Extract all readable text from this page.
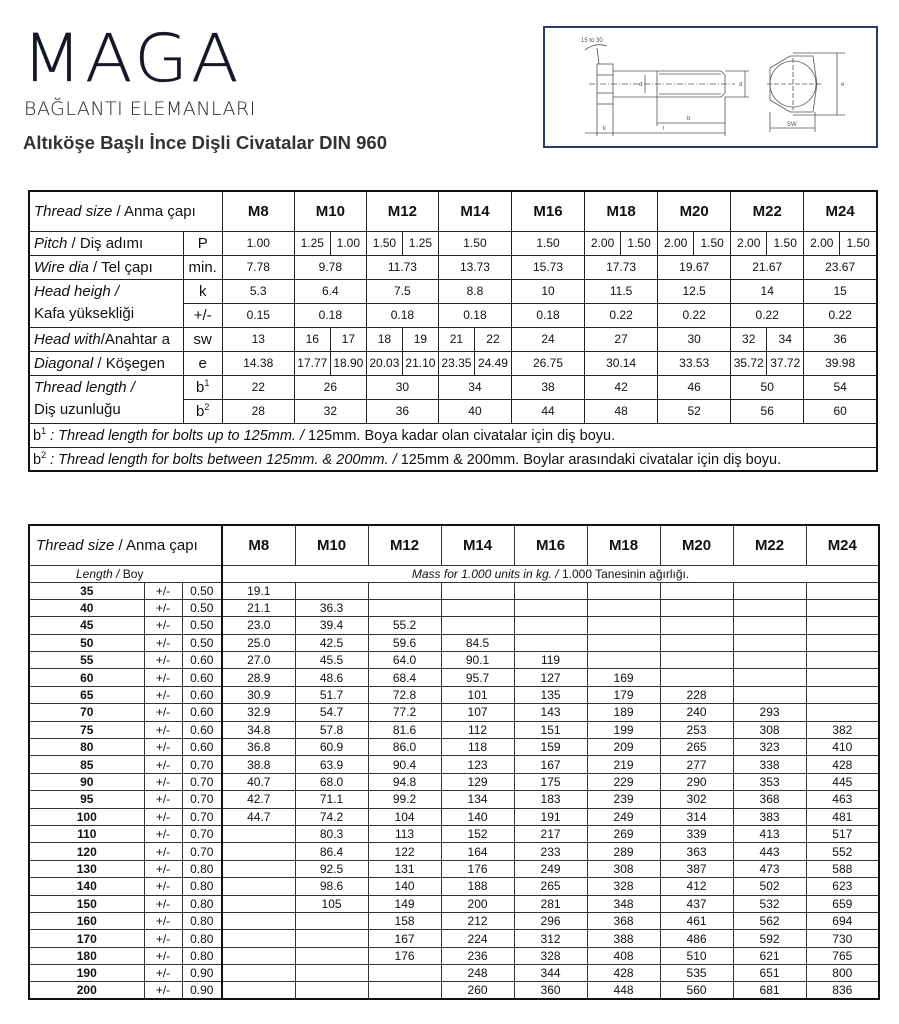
MAGA
BAĞLANTI ELEMANLARI
Altıköşe Başlı İnce Dişli Civatalar DIN 960
15 to 30
d	d
k	l
b
e
SW
Thread size / Anma çapı		M8	M10		M12		M14		M16	M18		M20		M22		M24	
Pitch / Diş adımı	P	1.00	1.25	1.00	1.50	1.25	1.50		1.50	2.00	1.50	2.00	1.50	2.00	1.50	2.00	1.50
Wire dia / Tel çapı	min.	7.78	9.78		11.73		13.73		15.73	17.73		19.67		21.67		23.67	
Head heigh /
Kafa yüksekliği	k	5.3	6.4		7.5		8.8		10	11.5		12.5		14		15	
	+/-	0.15	0.18		0.18		0.18		0.18	0.22		0.22		0.22		0.22	
Head with/Anahtar a	sw	13	16	17	18	19	21	22	24	27		30		32	34	36	
Diagonal / Köşegen	e	14.38	17.77	18.90	20.03	21.10	23.35	24.49	26.75	30.14		33.53		35.72	37.72	39.98	
Thread length /
Diş uzunluğu	$b^1$	22	26		30		34		38	42		46		50		54	
	$b^2$	28	32		36		40		44	48		52		56		60	
$b^1$ : Thread length for bolts up to 125mm. / 125mm. Boya kadar olan civatalar için diş boyu.																	
$b^2$ : Thread length for bolts between 125mm. & 200mm. / 125mm & 200mm. Boylar arasındaki civatalar için diş boyu.																	
Thread size / Anma çapı			M8	M10	M12	M14	M16	M18	M20	M22	M24
Length / Boy			Mass for 1.000 units in kg. / 1.000 Tanesinin ağırlığı.								
35	+/-	0.50	19.1								
40	+/-	0.50	21.1	36.3							
45	+/-	0.50	23.0	39.4	55.2						
50	+/-	0.50	25.0	42.5	59.6	84.5					
55	+/-	0.60	27.0	45.5	64.0	90.1	119				
60	+/-	0.60	28.9	48.6	68.4	95.7	127	169			
65	+/-	0.60	30.9	51.7	72.8	101	135	179	228		
70	+/-	0.60	32.9	54.7	77.2	107	143	189	240	293	
75	+/-	0.60	34.8	57.8	81.6	112	151	199	253	308	382
80	+/-	0.60	36.8	60.9	86.0	118	159	209	265	323	410
85	+/-	0.70	38.8	63.9	90.4	123	167	219	277	338	428
90	+/-	0.70	40.7	68.0	94.8	129	175	229	290	353	445
95	+/-	0.70	42.7	71.1	99.2	134	183	239	302	368	463
100	+/-	0.70	44.7	74.2	104	140	191	249	314	383	481
110	+/-	0.70		80.3	113	152	217	269	339	413	517
120	+/-	0.70		86.4	122	164	233	289	363	443	552
130	+/-	0.80		92.5	131	176	249	308	387	473	588
140	+/-	0.80		98.6	140	188	265	328	412	502	623
150	+/-	0.80		105	149	200	281	348	437	532	659
160	+/-	0.80			158	212	296	368	461	562	694
170	+/-	0.80			167	224	312	388	486	592	730
180	+/-	0.80			176	236	328	408	510	621	765
190	+/-	0.90				248	344	428	535	651	800
200	+/-	0.90				260	360	448	560	681	836
